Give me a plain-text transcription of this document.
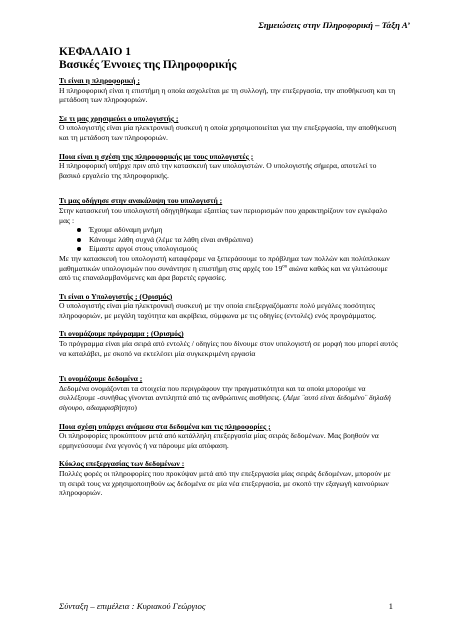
Σημειώσεις στην Πληροφορική – Τάξη Α’
ΚΕΦΑΛΑΙΟ 1
Βασικές Έννοιες της Πληροφορικής
Τι είναι η πληροφορική ;
Η πληροφορική είναι η επιστήμη η οποία ασχολείται με τη συλλογή, την επεξεργασία, την αποθήκευση και τη μετάδοση των πληροφοριών.
Σε τι μας χρησιμεύει ο υπολογιστής ;
Ο υπολογιστής είναι μία ηλεκτρονική συσκευή η οποία χρησιμοποιείται για την επεξεργασία, την αποθήκευση και τη μετάδοση των πληροφοριών.
Ποια είναι η σχέση της πληροφορικής με τους υπολογιστές ;
Η πληροφορική υπήρχε πριν από την κατασκευή των υπολογιστών. Ο υπολογιστής σήμερα, αποτελεί το βασικό εργαλείο της πληροφορικής.
Τι μας οδήγησε στην ανακάλυψη του υπολογιστή ;
Στην κατασκευή του υπολογιστή οδηγηθήκαμε εξαιτίας των περιορισμών που χαρακτηρίζουν τον εγκέφαλο μας :
Έχουμε αδύναμη μνήμη
Κάνουμε λάθη συχνά (λέμε τα λάθη είναι ανθρώπινα)
Είμαστε αργοί στους υπολογισμούς
Με την κατασκευή του υπολογιστή καταφέραμε να ξεπεράσουμε το πρόβλημα των πολλών και πολύπλοκων μαθηματικών υπολογισμών που συνάντησε η επιστήμη στις αρχές του $19^{o\upsilon}$ αιώνα καθώς και να γλιτώσουμε από τις επαναλαμβανόμενες και άρα βαρετές εργασίες.
Τι είναι ο Υπολογιστής ; (Ορισμός)
Ο υπολογιστής είναι μία ηλεκτρονική συσκευή με την οποία επεξεργαζόμαστε πολύ μεγάλες ποσότητες πληροφοριών, με μεγάλη ταχύτητα και ακρίβεια, σύμφωνα με τις οδηγίες (εντολές) ενός προγράμματος.
Τι ονομάζουμε πρόγραμμα ; (Ορισμός)
Το πρόγραμμα είναι μία σειρά από εντολές / οδηγίες που δίνουμε στον υπολογιστή σε μορφή που μπορεί αυτός να καταλάβει, με σκοπό να εκτελέσει μία συγκεκριμένη εργασία
Τι ονομάζουμε δεδομένα ;
Δεδομένα ονομάζονται τα στοιχεία που περιγράφουν την πραγματικότητα και τα οποία μπορούμε να συλλέξουμε -συνήθως γίνονται αντιληπτά από τις ανθρώπινες αισθήσεις. (Λέμε ¨αυτό είναι δεδομένο¨ δηλαδή σίγουρο, αδιαμφισβήτητο)
Ποια σχέση υπάρχει ανάμεσα στα δεδομένα και τις πληροφορίες ;
Οι πληροφορίες προκύπτουν μετά από κατάλληλη επεξεργασία μίας σειράς δεδομένων. Μας βοηθούν να ερμηνεύσουμε ένα γεγονός ή να πάρουμε μία απόφαση.
Κύκλος επεξεργασίας των δεδομένων :
Πολλές φορές οι πληροφορίες που προκύψαν μετά από την επεξεργασία μίας σειράς δεδομένων, μπορούν με τη σειρά τους να χρησιμοποιηθούν ως δεδομένα σε μία νέα επεξεργασία, με σκοπό την εξαγωγή καινούριων πληροφοριών.
Σύνταξη – επιμέλεια : Κυριακού Γεώργιος	1
